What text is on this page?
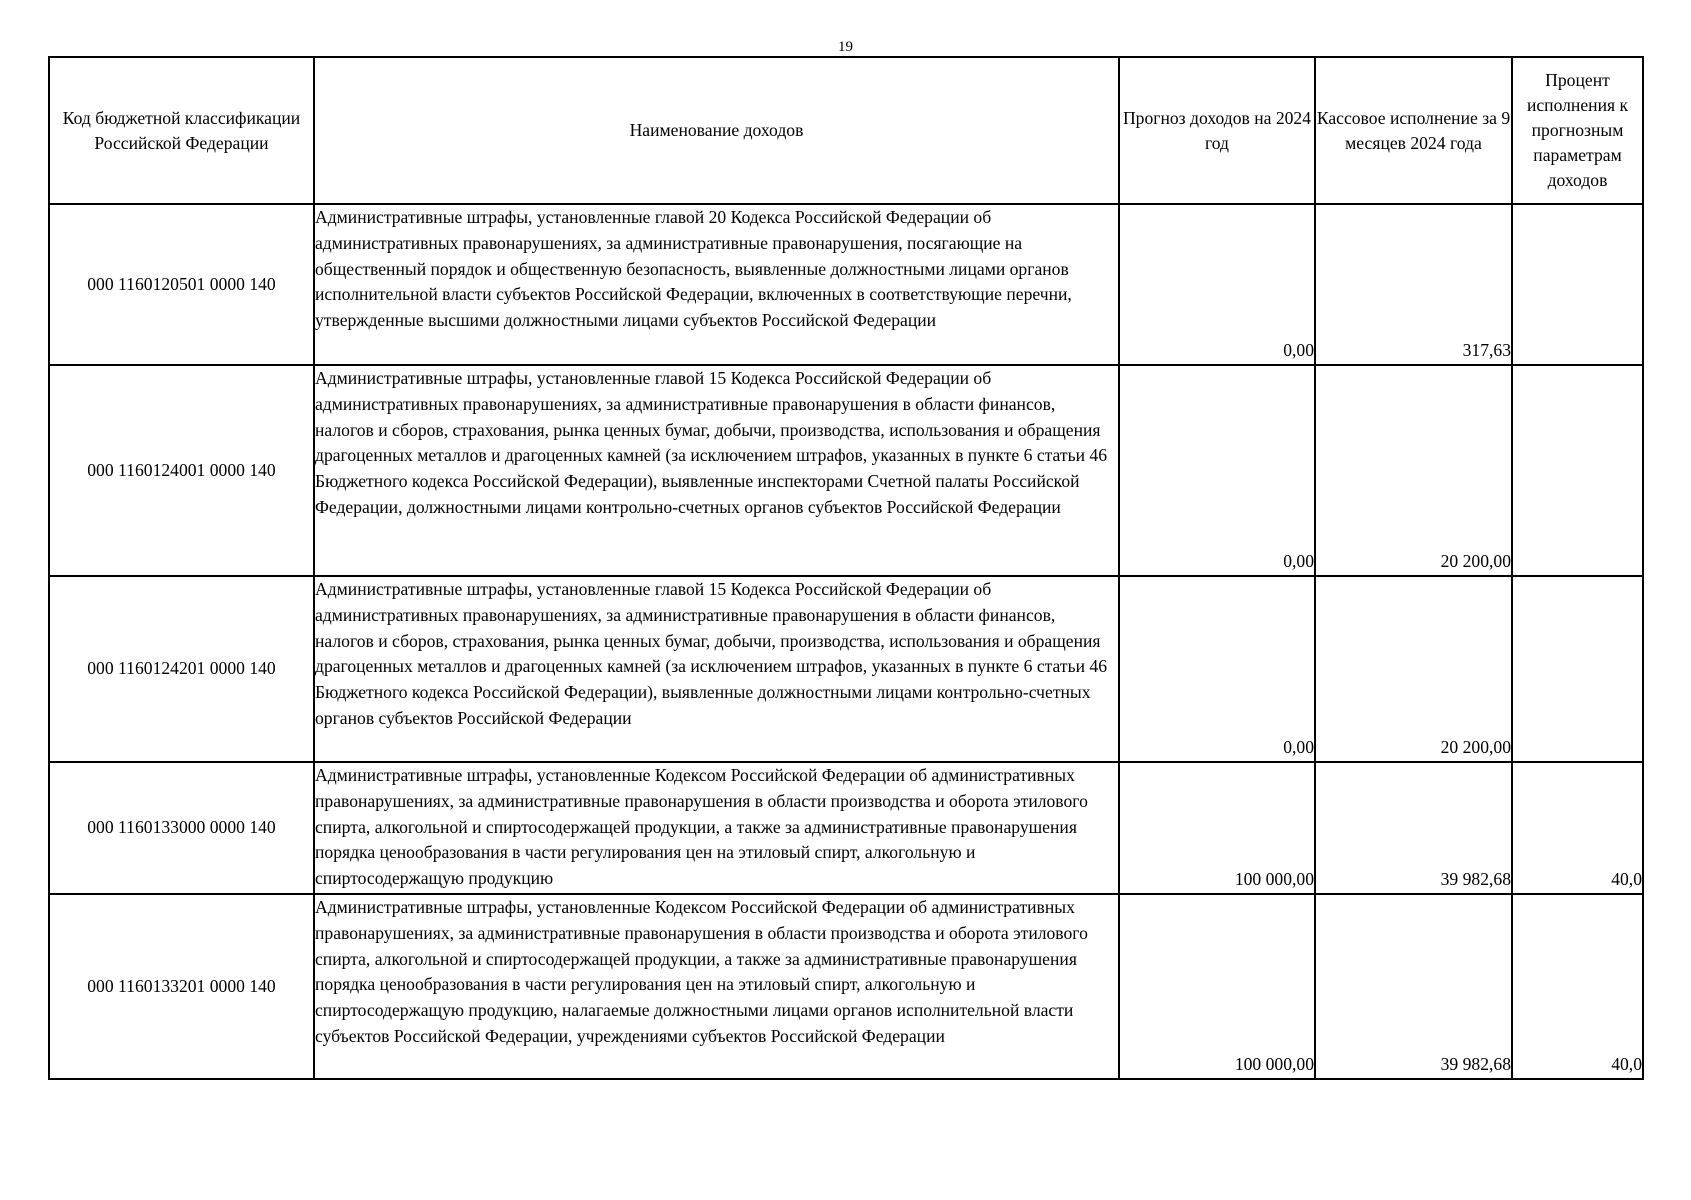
19
Код бюджетной классификации Российской Федерации	Наименование доходов	Прогноз доходов на 2024 год	Кассовое исполнение за 9 месяцев 2024 года	Процент исполнения к прогнозным параметрам доходов
000 1160120501 0000 140	Административные штрафы, установленные главой 20 Кодекса Российской Федерации об административных правонарушениях, за административные правонарушения, посягающие на общественный порядок и общественную безопасность, выявленные должностными лицами органов исполнительной власти субъектов Российской Федерации, включенных в соответствующие перечни, утвержденные высшими должностными лицами субъектов Российской Федерации	0,00	317,63	
000 1160124001 0000 140	Административные штрафы, установленные главой 15 Кодекса Российской Федерации об административных правонарушениях, за административные правонарушения в области финансов, налогов и сборов, страхования, рынка ценных бумаг, добычи, производства, использования и обращения драгоценных металлов и драгоценных камней (за исключением штрафов, указанных в пункте 6 статьи 46 Бюджетного кодекса Российской Федерации), выявленные инспекторами Счетной палаты Российской Федерации, должностными лицами контрольно-счетных органов субъектов Российской Федерации	0,00	20 200,00	
000 1160124201 0000 140	Административные штрафы, установленные главой 15 Кодекса Российской Федерации об административных правонарушениях, за административные правонарушения в области финансов, налогов и сборов, страхования, рынка ценных бумаг, добычи, производства, использования и обращения драгоценных металлов и драгоценных камней (за исключением штрафов, указанных в пункте 6 статьи 46 Бюджетного кодекса Российской Федерации), выявленные должностными лицами контрольно-счетных органов субъектов Российской Федерации	0,00	20 200,00	
000 1160133000 0000 140	Административные штрафы, установленные Кодексом Российской Федерации об административных правонарушениях, за административные правонарушения в области производства и оборота этилового спирта, алкогольной и спиртосодержащей продукции, а также за административные правонарушения порядка ценообразования в части регулирования цен на этиловый спирт, алкогольную и спиртосодержащую продукцию	100 000,00	39 982,68	40,0
000 1160133201 0000 140	Административные штрафы, установленные Кодексом Российской Федерации об административных правонарушениях, за административные правонарушения в области производства и оборота этилового спирта, алкогольной и спиртосодержащей продукции, а также за административные правонарушения порядка ценообразования в части регулирования цен на этиловый спирт, алкогольную и спиртосодержащую продукцию, налагаемые должностными лицами органов исполнительной власти субъектов Российской Федерации, учреждениями субъектов Российской Федерации	100 000,00	39 982,68	40,0
